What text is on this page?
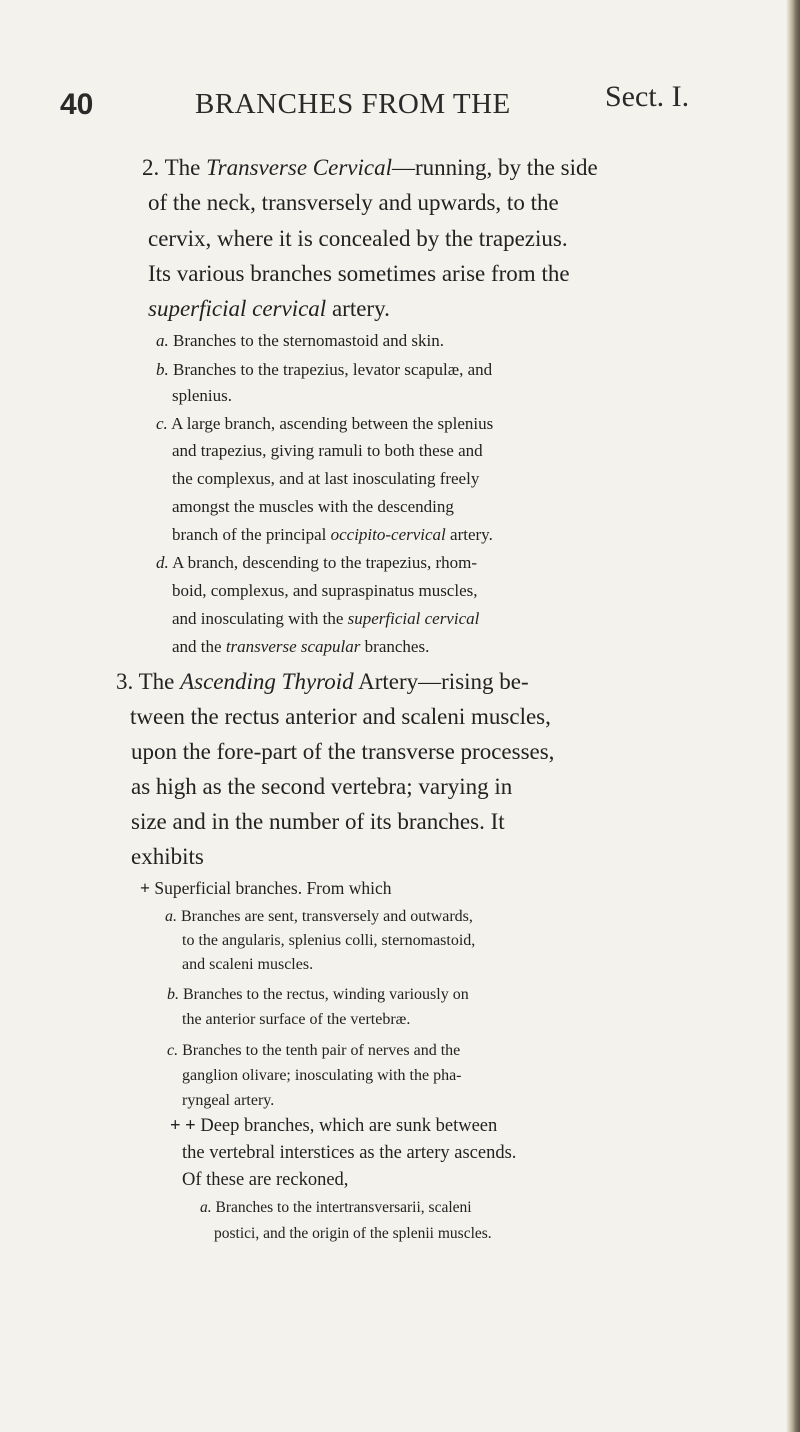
40	BRANCHES FROM THE	Sect. I.
2. The Transverse Cervical—running, by the side
of the neck, transversely and upwards, to the
cervix, where it is concealed by the trapezius.
Its various branches sometimes arise from the
superficial cervical artery.
a. Branches to the sternomastoid and skin.
b. Branches to the trapezius, levator scapulæ, and
splenius.
c. A large branch, ascending between the splenius
and trapezius, giving ramuli to both these and
the complexus, and at last inosculating freely
amongst the muscles with the descending
branch of the principal occipito-cervical artery.
d. A branch, descending to the trapezius, rhom-
boid, complexus, and supraspinatus muscles,
and inosculating with the superficial cervical
and the transverse scapular branches.
3. The Ascending Thyroid Artery—rising be-
tween the rectus anterior and scaleni muscles,
upon the fore-part of the transverse processes,
as high as the second vertebra; varying in
size and in the number of its branches. It
exhibits
+ Superficial branches. From which
a. Branches are sent, transversely and outwards,
to the angularis, splenius colli, sternomastoid,
and scaleni muscles.
b. Branches to the rectus, winding variously on
the anterior surface of the vertebræ.
c. Branches to the tenth pair of nerves and the
ganglion olivare; inosculating with the pha-
ryngeal artery.
+ + Deep branches, which are sunk between
the vertebral interstices as the artery ascends.
Of these are reckoned,
a. Branches to the intertransversarii, scaleni
postici, and the origin of the splenii muscles.
